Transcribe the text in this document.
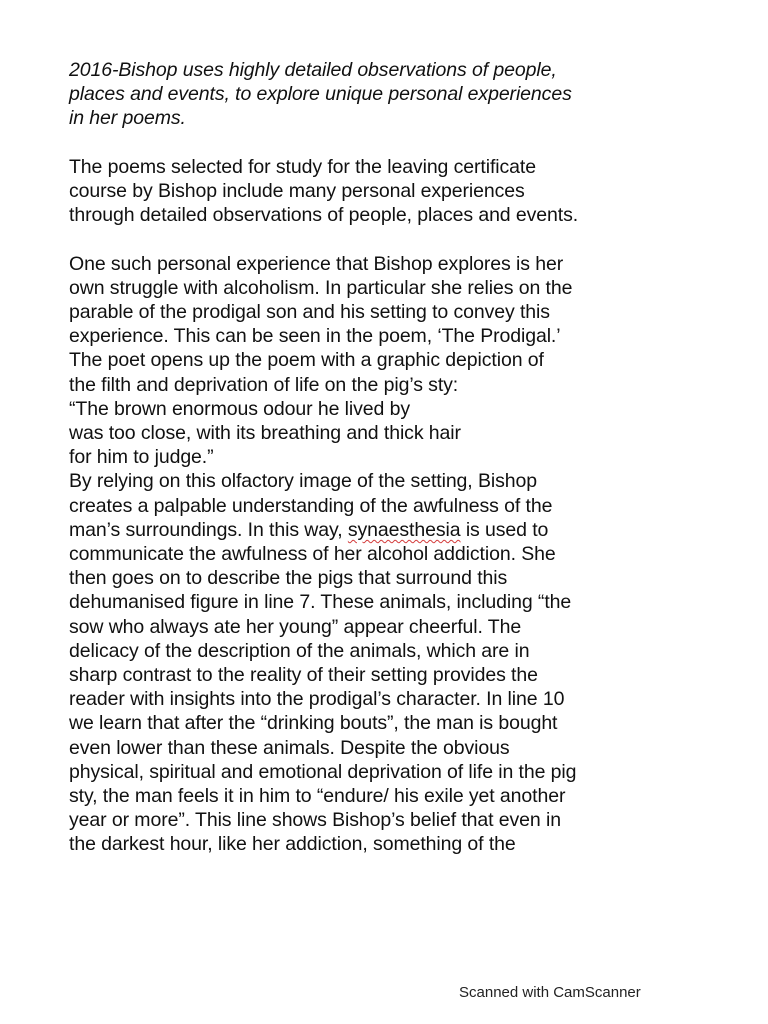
2016-Bishop uses highly detailed observations of people,
places and events, to explore unique personal experiences
in her poems.
The poems selected for study for the leaving certificate
course by Bishop include many personal experiences
through detailed observations of people, places and events.
One such personal experience that Bishop explores is her
own struggle with alcoholism. In particular she relies on the
parable of the prodigal son and his setting to convey this
experience. This can be seen in the poem, ‘The Prodigal.’
The poet opens up the poem with a graphic depiction of
the filth and deprivation of life on the pig’s sty:
“The brown enormous odour he lived by
was too close, with its breathing and thick hair
for him to judge.”
By relying on this olfactory image of the setting, Bishop
creates a palpable understanding of the awfulness of the
man’s surroundings. In this way, synaesthesia is used to
communicate the awfulness of her alcohol addiction. She
then goes on to describe the pigs that surround this
dehumanised figure in line 7. These animals, including “the
sow who always ate her young” appear cheerful. The
delicacy of the description of the animals, which are in
sharp contrast to the reality of their setting provides the
reader with insights into the prodigal’s character. In line 10
we learn that after the “drinking bouts”, the man is bought
even lower than these animals. Despite the obvious
physical, spiritual and emotional deprivation of life in the pig
sty, the man feels it in him to “endure/ his exile yet another
year or more”. This line shows Bishop’s belief that even in
the darkest hour, like her addiction, something of the
Scanned with CamScanner
